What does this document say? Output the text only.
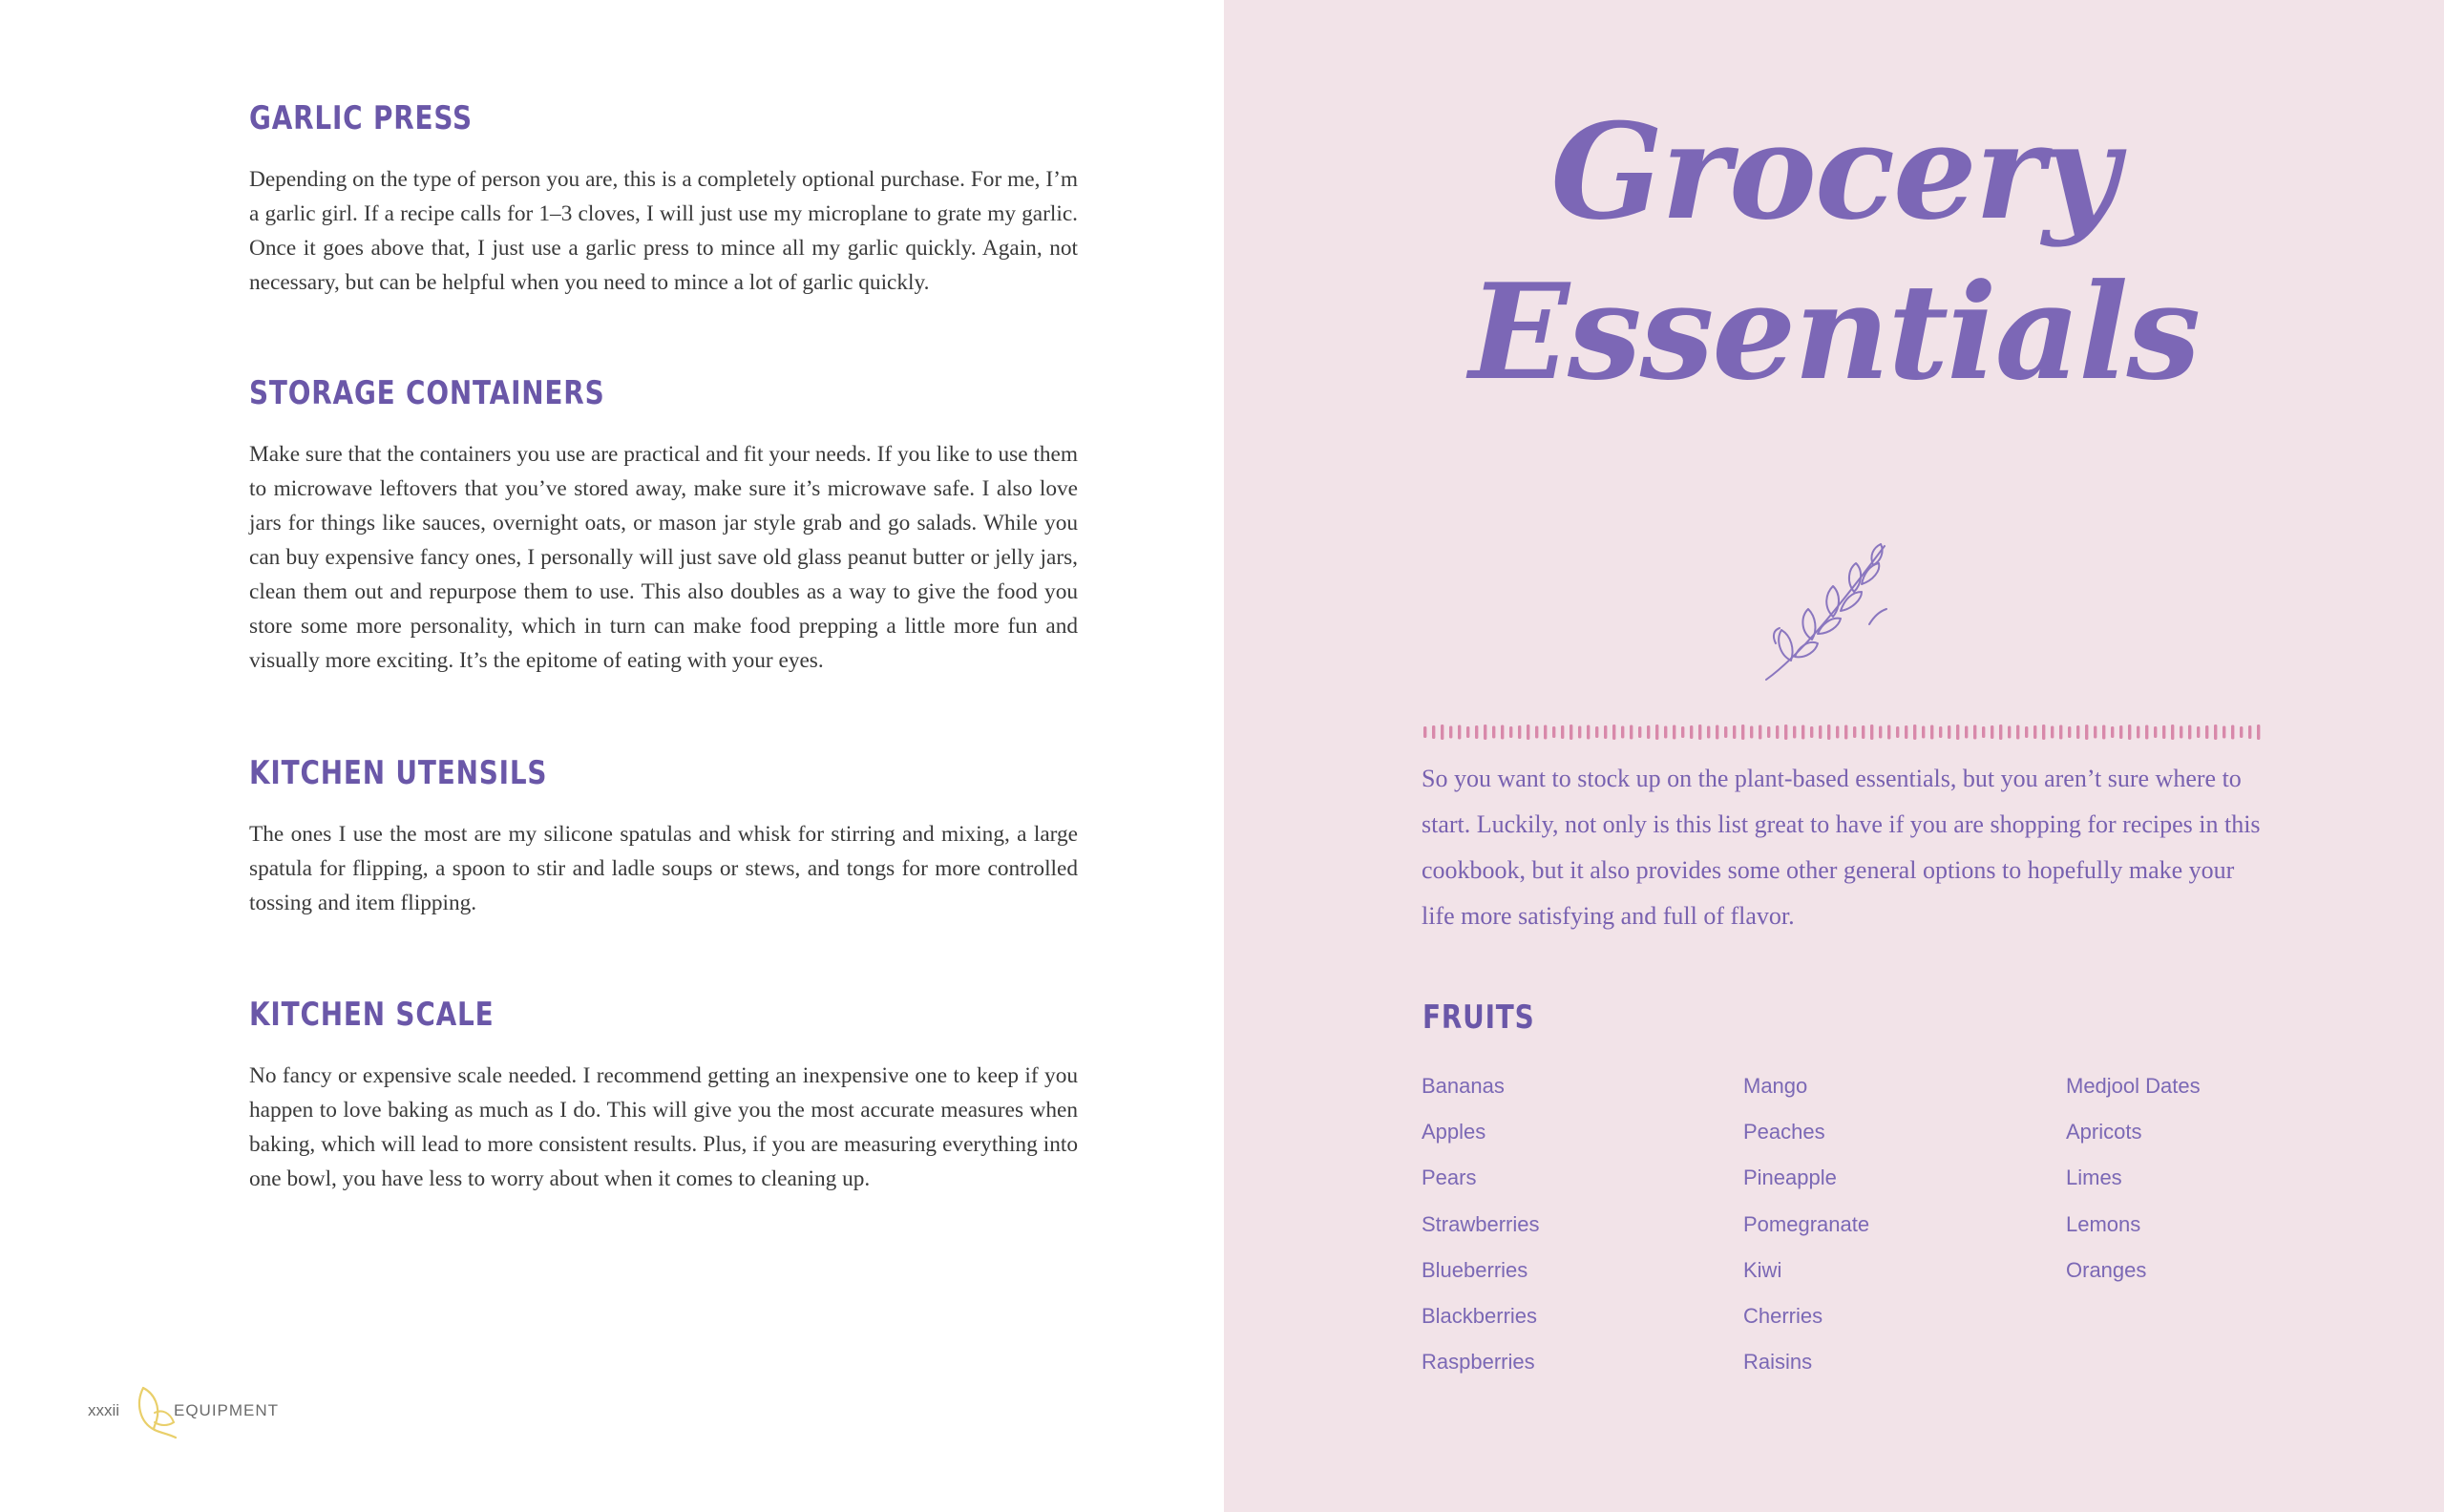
GARLIC PRESS

Depending on the type of person you are, this is a completely optional purchase. For me, I’m a garlic girl. If a recipe calls for 1–3 cloves, I will just use my microplane to grate my garlic. Once it goes above that, I just use a garlic press to mince all my garlic quickly. Again, not necessary, but can be helpful when you need to mince a lot of garlic quickly.

STORAGE CONTAINERS

Make sure that the containers you use are practical and fit your needs. If you like to use them to microwave leftovers that you’ve stored away, make sure it’s microwave safe. I also love jars for things like sauces, overnight oats, or mason jar style grab and go salads. While you can buy expensive fancy ones, I personally will just save old glass peanut butter or jelly jars, clean them out and repurpose them to use. This also doubles as a way to give the food you store some more personality, which in turn can make food prepping a little more fun and visually more exciting. It’s the epitome of eating with your eyes.

KITCHEN UTENSILS

The ones I use the most are my silicone spatulas and whisk for stirring and mixing, a large spatula for flipping, a spoon to stir and ladle soups or stews, and tongs for more controlled tossing and item flipping.

KITCHEN SCALE

No fancy or expensive scale needed. I recommend getting an inexpensive one to keep if you happen to love baking as much as I do. This will give you the most accurate measures when baking, which will lead to more consistent results. Plus, if you are measuring everything into one bowl, you have less to worry about when it comes to cleaning up.

xxxii	EQUIPMENT
Grocery
Essentials

So you want to stock up on the plant-based essentials, but you aren’t sure where to start. Luckily, not only is this list great to have if you are shopping for recipes in this cookbook, but it also provides some other general options to hopefully make your life more satisfying and full of flavor.

FRUITS
Bananas
Apples
Pears
Strawberries
Blueberries
Blackberries
Raspberries
Mango
Peaches
Pineapple
Pomegranate
Kiwi
Cherries
Raisins
Medjool Dates
Apricots
Limes
Lemons
Oranges
